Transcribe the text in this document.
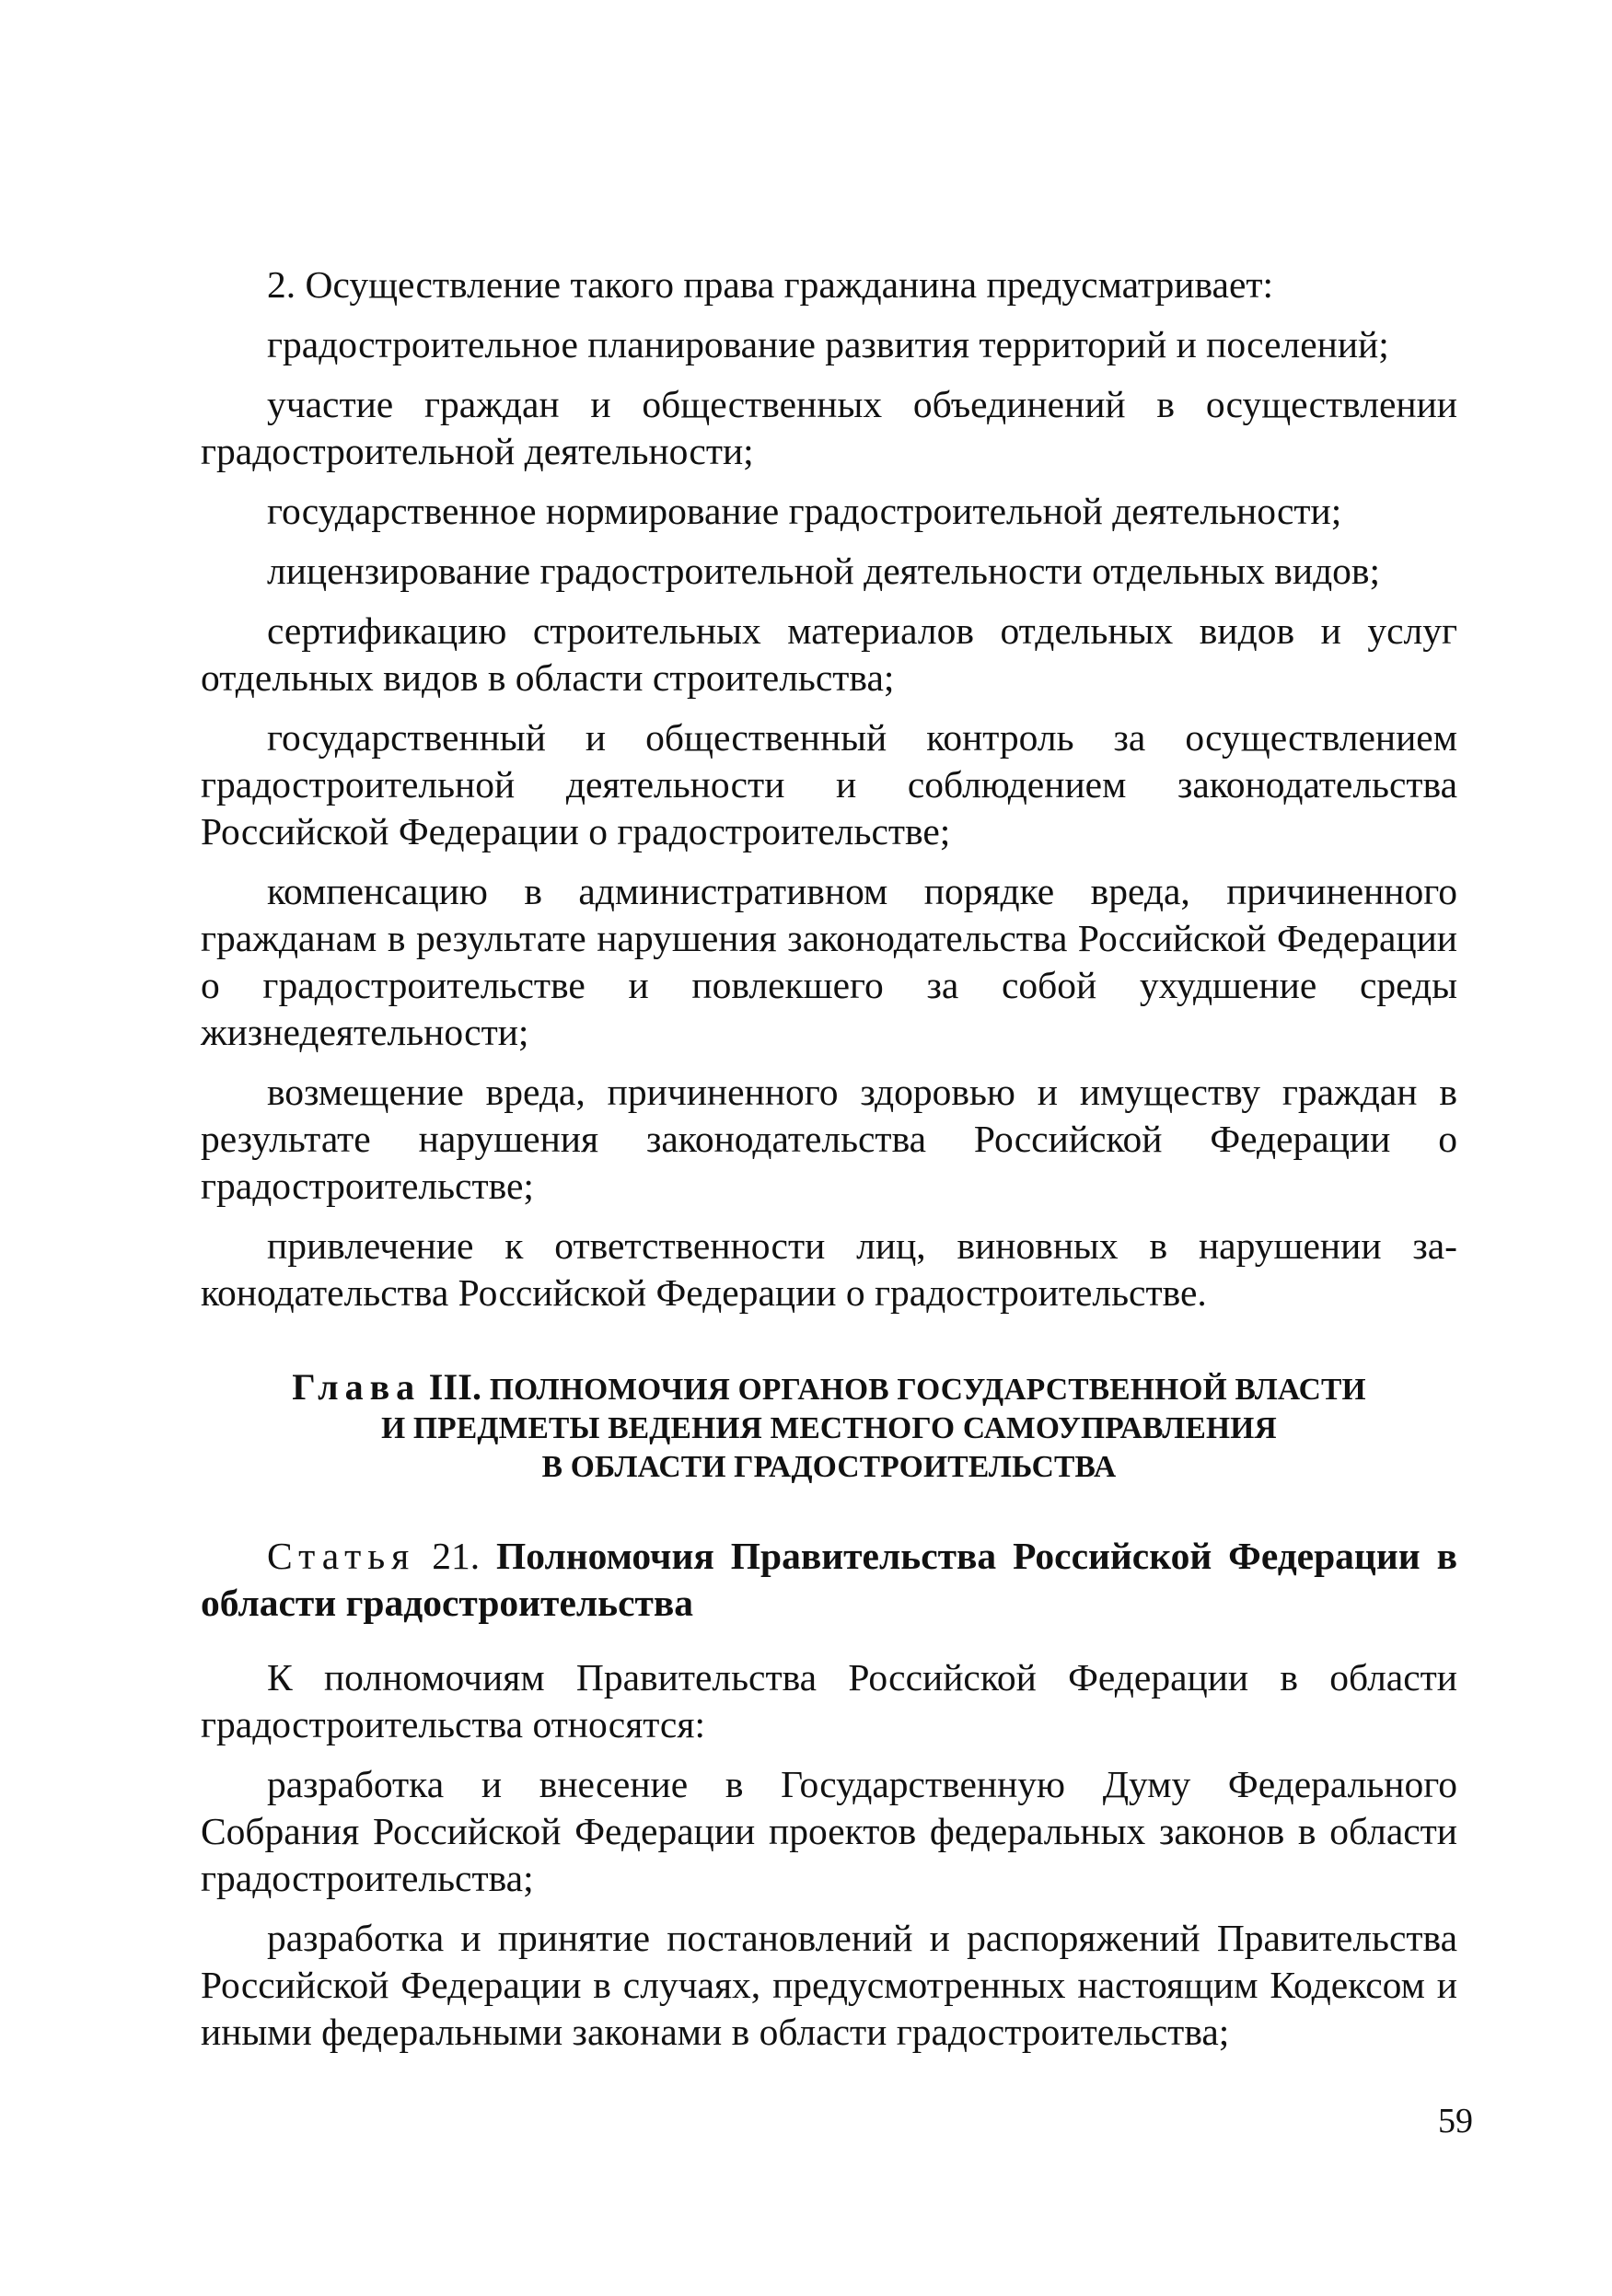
2. Осуществление такого права гражданина предусматривает:

градостроительное планирование развития территорий и поселений;

участие граждан и общественных объединений в осуществлении градостроительной деятельности;

государственное нормирование градостроительной деятельности;

лицензирование градостроительной деятельности отдельных видов;

сертификацию строительных материалов отдельных видов и услуг отдельных видов в области строительства;

государственный и общественный контроль за осуществлением градостроительной деятельности и соблюдением законодательства Российской Федерации о градостроительстве;

компенсацию в административном порядке вреда, причиненного гражданам в результате нарушения законодательства Российской Федерации о градостроительстве и повлекшего за собой ухудшение среды жизнедеятельности;

возмещение вреда, причиненного здоровью и имуществу граждан в результате нарушения законодательства Российской Федерации о градостроительстве;

привлечение к ответственности лиц, виновных в нарушении законодательства Российской Федерации о градостроительстве.

Глава III. ПОЛНОМОЧИЯ ОРГАНОВ ГОСУДАРСТВЕННОЙ ВЛАСТИ
И ПРЕДМЕТЫ ВЕДЕНИЯ МЕСТНОГО САМОУПРАВЛЕНИЯ
В ОБЛАСТИ ГРАДОСТРОИТЕЛЬСТВА

Статья 21. Полномочия Правительства Российской Федерации в области градостроительства

К полномочиям Правительства Российской Федерации в области градостроительства относятся:

разработка и внесение в Государственную Думу Федерального Собрания Российской Федерации проектов федеральных законов в области градостроительства;

разработка и принятие постановлений и распоряжений Правительства Российской Федерации в случаях, предусмотренных настоящим Кодексом и иными федеральными законами в области градостроительства;

59
